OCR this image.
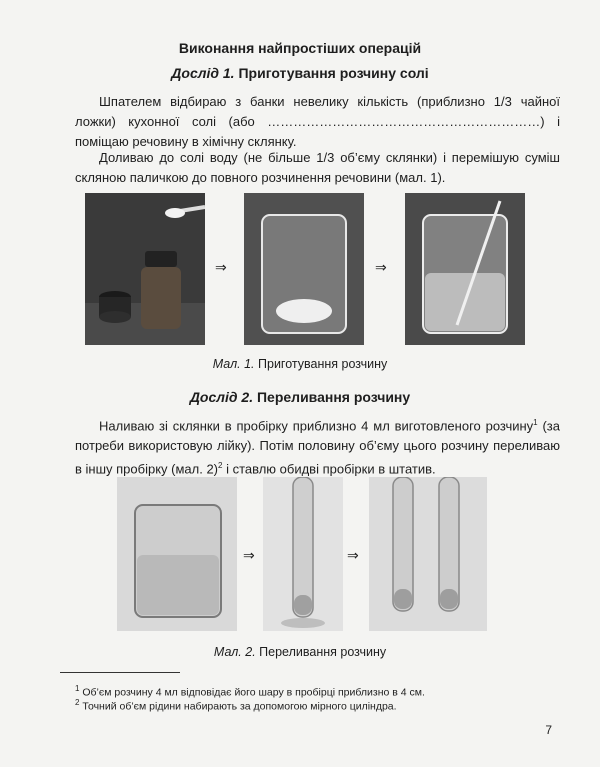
Виконання найпростіших операцій
Дослід 1. Приготування розчину солі
Шпателем відбираю з банки невелику кількість (приблизно 1/3 чайної ложки) кухонної солі (або ………………………………………………………) і поміщаю речовину в хімічну склянку.
Доливаю до солі воду (не більше 1/3 об’єму склянки) і перемішую суміш скляною паличкою до повного розчинення речовини (мал. 1).
⇒	⇒
Мал. 1. Приготування розчину
Дослід 2. Переливання розчину
Наливаю зі склянки в пробірку приблизно 4 мл виготовленого розчину$^1$ (за потреби використовую лійку). Потім половину об’єму цього розчину переливаю в іншу пробірку (мал. 2)$^2$ і ставлю обидві пробірки в штатив.
⇒	⇒
Мал. 2. Переливання розчину
$^1$ Об’єм розчину 4 мл відповідає його шару в пробірці приблизно в 4 см.
$^2$ Точний об’єм рідини набирають за допомогою мірного циліндра.
7
